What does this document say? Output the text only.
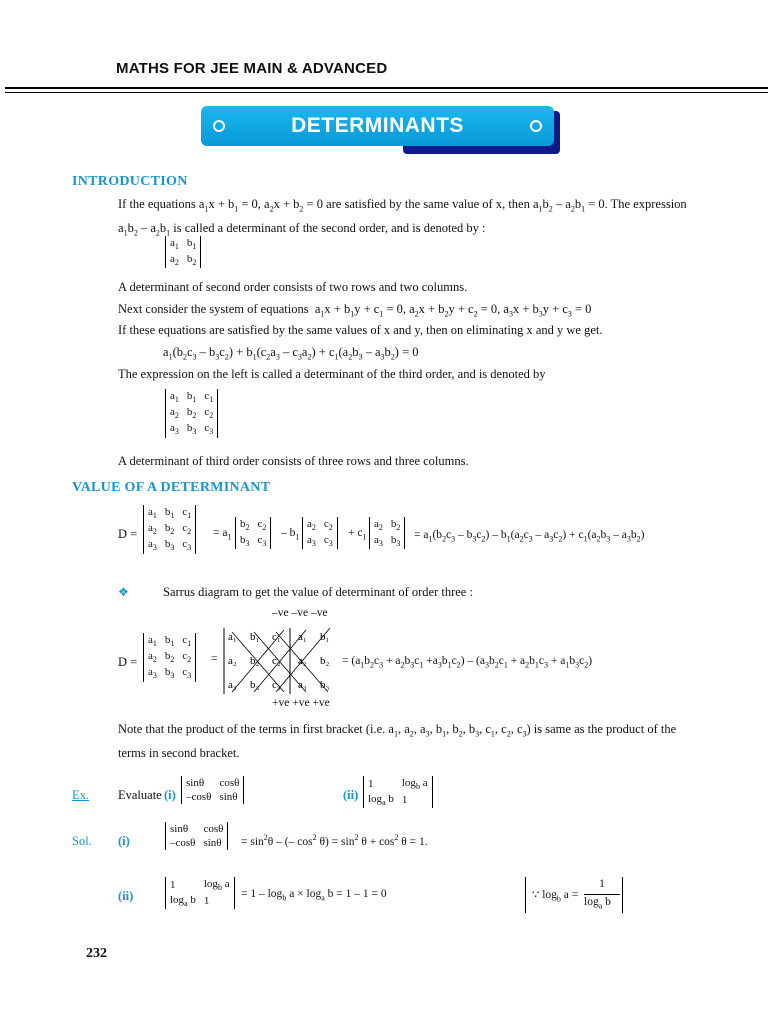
MATHS FOR JEE MAIN & ADVANCED
DETERMINANTS
INTRODUCTION
If the equations $a_1x + b_1 = 0$, $a_2x + b_2 = 0$ are satisfied by the same value of x, then $a_1b_2 - a_2b_1 = 0$. The expression $a_1b_2 - a_2b_1$ is called a determinant of the second order, and is denoted by :
$a_1$	$b_1$
$a_2$	$b_2$
A determinant of second order consists of two rows and two columns.
Next consider the system of equations  $a_1x + b_1y + c_1 = 0$, $a_2x + b_2y + c_2 = 0$, $a_3x + b_3y + c_3 = 0$
If these equations are satisfied by the same values of x and y, then on eliminating x and y we get.
$a_1(b_2c_3 - b_3c_2) + b_1(c_2a_3 - c_3a_2) + c_1(a_2b_3 - a_3b_2) = 0$
The expression on the left is called a determinant of the third order, and is denoted by
$a_1$	$b_1$	$c_1$
$a_2$	$b_2$	$c_2$
$a_3$	$b_3$	$c_3$
A determinant of third order consists of three rows and three columns.
VALUE OF A DETERMINANT
D =
$a_1$	$b_1$	$c_1$
$a_2$	$b_2$	$c_2$
$a_3$	$b_3$	$c_3$
= $a_1$
$b_2$	$c_2$
$b_3$	$c_3$
– $b_1$
$a_2$	$c_2$
$a_3$	$c_3$
+ $c_1$
$a_2$	$b_2$
$a_3$	$b_3$
= $a_1(b_2c_3 - b_3c_2) - b_1(a_2c_3 - a_3c_2) + c_1(a_2b_3 - a_3b_2)$
❖	Sarrus diagram to get the value of determinant of order three :
–ve –ve –ve
D =
$a_1$	$b_1$	$c_1$
$a_2$	$b_2$	$c_2$
$a_3$	$b_3$	$c_3$
=
a₁ b₁ c₁
a₂ b₂ c₂
a₃ b₃ c₃
a₁ b₁
a₂ b₂
a₃ b₃
= $(a_1b_2c_3 + a_2b_3c_1 +a_3b_1c_2) - (a_3b_2c_1 + a_2b_1c_3 + a_1b_3c_2)$
+ve +ve +ve
Note that the product of the terms in first bracket (i.e. $a_1$, $a_2$, $a_3$, $b_1$, $b_2$, $b_3$, $c_1$, $c_2$, $c_3$) is same as the product of the terms in second bracket.
Ex. Evaluate (i)
sinθ	cosθ
–cosθ	sinθ	(ii)
1	$\log_b a$
$\log_a b$	1
Sol. (i)
sinθ	cosθ
–cosθ	$\sin\theta = \sin^2\theta$ – (– $\cos^2 \theta) = \sin^2 \theta + \cos^2 \theta = 1$.
(ii)
1	$\log_b a$
$\log_a b$	1
= $1 - \log_b a \times \log_a b = 1 - 1 = 0$	∵ $\log_b a$ =
1
$\log_a b$
232
